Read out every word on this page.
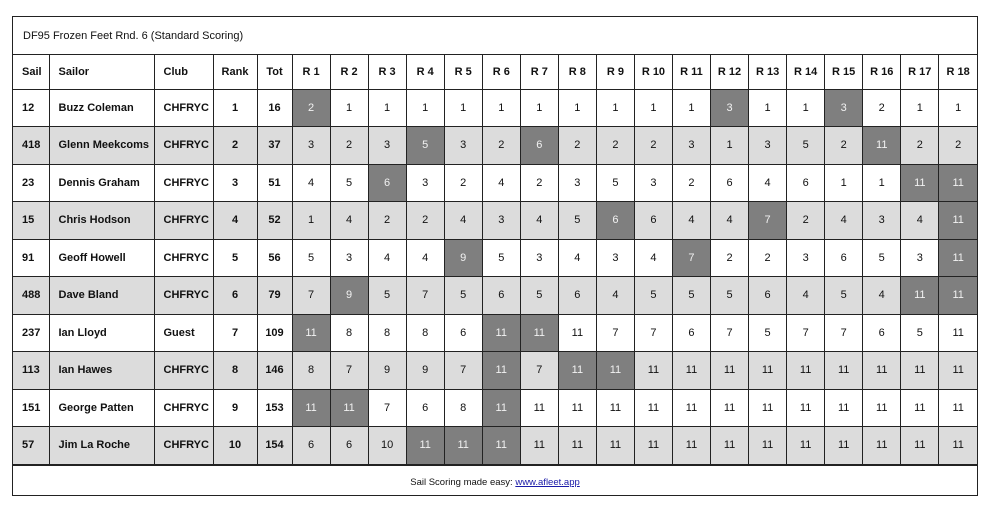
DF95 Frozen Feet Rnd. 6 (Standard Scoring)
Sail	Sailor	Club	Rank	Tot	R 1	R 2	R 3	R 4	R 5	R 6	R 7	R 8	R 9	R 10	R 11	R 12	R 13	R 14	R 15	R 16	R 17	R 18
12	Buzz Coleman	CHFRYC	1	16	2	1	1	1	1	1	1	1	1	1	1	3	1	1	3	2	1	1
418	Glenn Meekcoms	CHFRYC	2	37	3	2	3	5	3	2	6	2	2	2	3	1	3	5	2	11	2	2
23	Dennis Graham	CHFRYC	3	51	4	5	6	3	2	4	2	3	5	3	2	6	4	6	1	1	11	11
15	Chris Hodson	CHFRYC	4	52	1	4	2	2	4	3	4	5	6	6	4	4	7	2	4	3	4	11
91	Geoff Howell	CHFRYC	5	56	5	3	4	4	9	5	3	4	3	4	7	2	2	3	6	5	3	11
488	Dave Bland	CHFRYC	6	79	7	9	5	7	5	6	5	6	4	5	5	5	6	4	5	4	11	11
237	Ian Lloyd	Guest	7	109	11	8	8	8	6	11	11	11	7	7	6	7	5	7	7	6	5	11
113	Ian Hawes	CHFRYC	8	146	8	7	9	9	7	11	7	11	11	11	11	11	11	11	11	11	11	11
151	George Patten	CHFRYC	9	153	11	11	7	6	8	11	11	11	11	11	11	11	11	11	11	11	11	11
57	Jim La Roche	CHFRYC	10	154	6	6	10	11	11	11	11	11	11	11	11	11	11	11	11	11	11	11
Sail Scoring made easy: www.afleet.app
